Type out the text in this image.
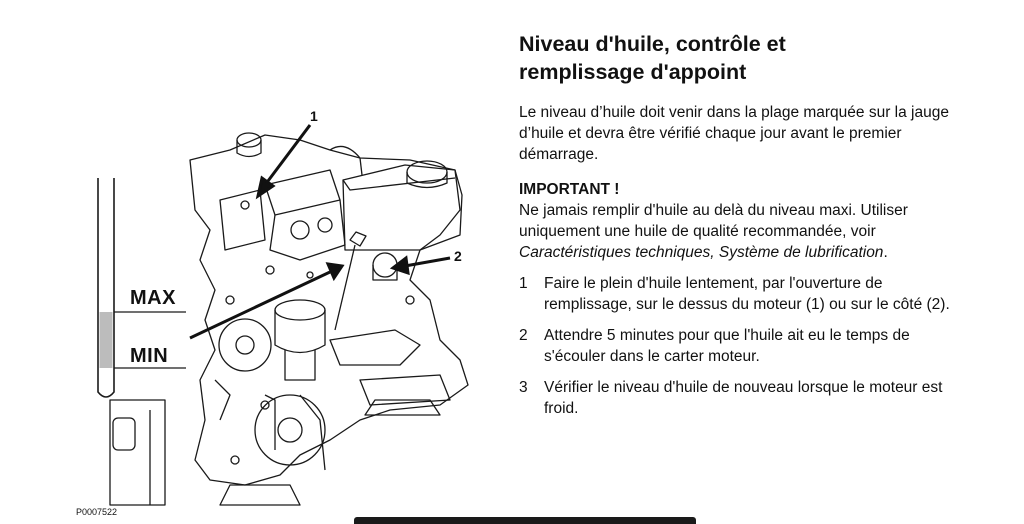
1
2
MAX
MIN
P0007522
Niveau d'huile, contrôle et
remplissage d'appoint

Le niveau d’huile doit venir dans la plage marquée sur la jauge d’huile et devra être vérifié chaque jour avant le premier démarrage.

IMPORTANT !

Ne jamais remplir d'huile au delà du niveau maxi. Utiliser uniquement une huile de qualité recommandée, voir Caractéristiques techniques, Système de lubrification.

1 Faire le plein d'huile lentement, par l'ouverture de remplissage, sur le dessus du moteur (1) ou sur le côté (2).
2 Attendre 5 minutes pour que l'huile ait eu le temps de s'écouler dans le carter moteur.
3 Vérifier le niveau d'huile de nouveau lorsque le moteur est froid.
